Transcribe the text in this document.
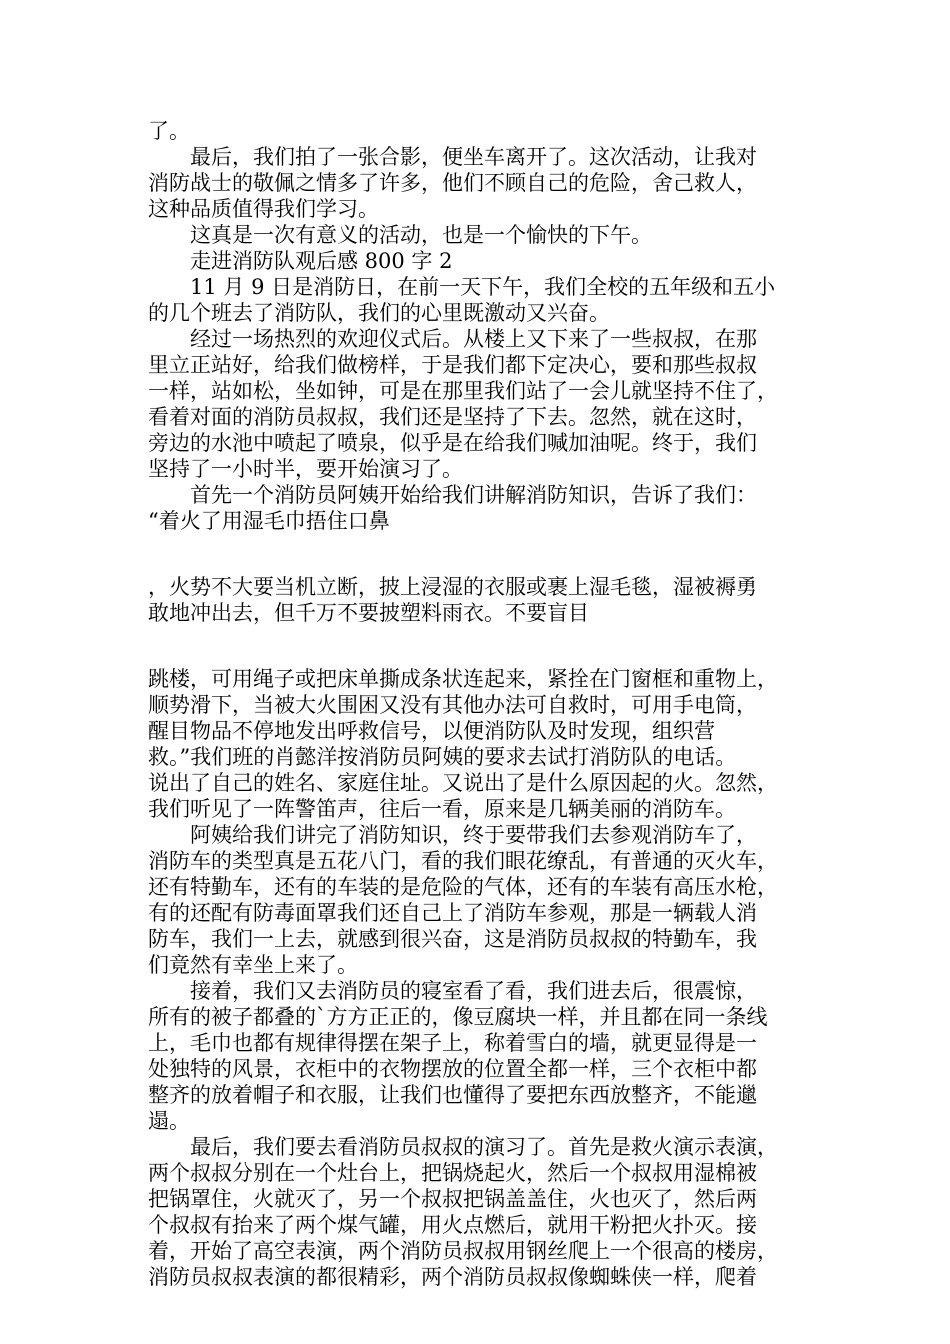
了。
　　最后，我们拍了一张合影，便坐车离开了。这次活动，让我对
消防战士的敬佩之情多了许多，他们不顾自己的危险，舍己救人，
这种品质值得我们学习。
　　这真是一次有意义的活动，也是一个愉快的下午。
　　走进消防队观后感 800 字 2
　　11 月 9 日是消防日，在前一天下午，我们全校的五年级和五小
的几个班去了消防队，我们的心里既激动又兴奋。
　　经过一场热烈的欢迎仪式后。从楼上又下来了一些叔叔，在那
里立正站好，给我们做榜样，于是我们都下定决心，要和那些叔叔
一样，站如松，坐如钟，可是在那里我们站了一会儿就坚持不住了，
看着对面的消防员叔叔，我们还是坚持了下去。忽然，就在这时，
旁边的水池中喷起了喷泉，似乎是在给我们喊加油呢。终于，我们
坚持了一小时半，要开始演习了。
　　首先一个消防员阿姨开始给我们讲解消防知识，告诉了我们：
“着火了用湿毛巾捂住口鼻
，火势不大要当机立断，披上浸湿的衣服或裹上湿毛毯，湿被褥勇
敢地冲出去，但千万不要披塑料雨衣。不要盲目
跳楼，可用绳子或把床单撕成条状连起来，紧拴在门窗框和重物上，
顺势滑下，当被大火围困又没有其他办法可自救时，可用手电筒，
醒目物品不停地发出呼救信号，以便消防队及时发现，组织营
救。”我们班的肖懿洋按消防员阿姨的要求去试打消防队的电话。
说出了自己的姓名、家庭住址。又说出了是什么原因起的火。忽然，
我们听见了一阵警笛声，往后一看，原来是几辆美丽的消防车。
　　阿姨给我们讲完了消防知识，终于要带我们去参观消防车了，
消防车的类型真是五花八门，看的我们眼花缭乱，有普通的灭火车，
还有特勤车，还有的车装的是危险的气体，还有的车装有高压水枪，
有的还配有防毒面罩我们还自己上了消防车参观，那是一辆载人消
防车，我们一上去，就感到很兴奋，这是消防员叔叔的特勤车，我
们竟然有幸坐上来了。
　　接着，我们又去消防员的寝室看了看，我们进去后，很震惊，
所有的被子都叠的`方方正正的，像豆腐块一样，并且都在同一条线
上，毛巾也都有规律得摆在架子上，称着雪白的墙，就更显得是一
处独特的风景，衣柜中的衣物摆放的位置全都一样，三个衣柜中都
整齐的放着帽子和衣服，让我们也懂得了要把东西放整齐，不能邋
遢。
　　最后，我们要去看消防员叔叔的演习了。首先是救火演示表演，
两个叔叔分别在一个灶台上，把锅烧起火，然后一个叔叔用湿棉被
把锅罩住，火就灭了，另一个叔叔把锅盖盖住，火也灭了，然后两
个叔叔有抬来了两个煤气罐，用火点燃后，就用干粉把火扑灭。接
着，开始了高空表演，两个消防员叔叔用钢丝爬上一个很高的楼房，
消防员叔叔表演的都很精彩，两个消防员叔叔像蜘蛛侠一样，爬着
